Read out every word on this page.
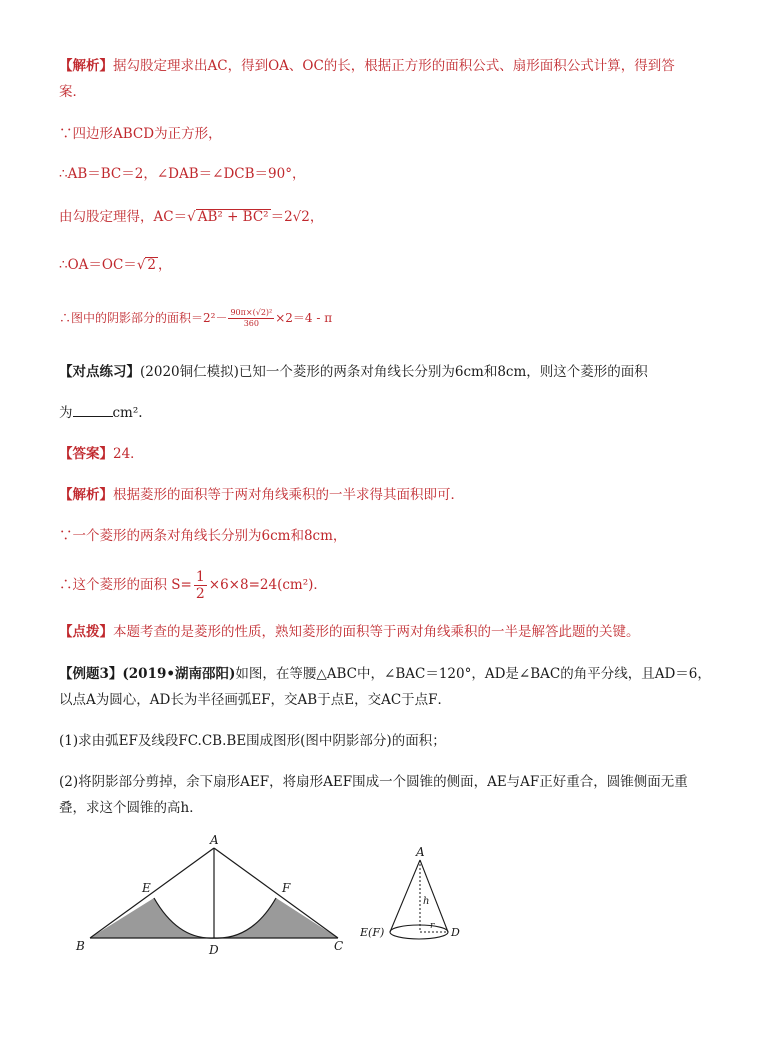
【解析】据勾股定理求出AC，得到OA、OC的长，根据正方形的面积公式、扇形面积公式计算，得到答
案．
∵四边形ABCD为正方形，
∴AB＝BC＝2，∠DAB＝∠DCB＝90°，
由勾股定理得，AC＝√ AB² + BC² ＝2√2，
∴OA＝OC＝√ 2 ，
∴图中的阴影部分的面积$=2^2- \frac{\text{90π×(√2)²}}{360} \times 2=4 - \pi$
【对点练习】(2020铜仁模拟)已知一个菱形的两条对角线长分别为6cm和8cm，则这个菱形的面积
为	cm².
【答案】24．
【解析】根据菱形的面积等于两对角线乘积的一半求得其面积即可．
∵一个菱形的两条对角线长分别为6cm和8cm，
∴这个菱形的面积 $S= \frac{1}{2} \times 6\times 8=24(cm^2)$．
【点拨】本题考查的是菱形的性质，熟知菱形的面积等于两对角线乘积的一半是解答此题的关键。
【例题3】(2019•湖南邵阳)如图，在等腰△ABC中，∠BAC＝120°，AD是∠BAC的角平分线，且AD＝6，
以点A为圆心，AD长为半径画弧EF，交AB于点E，交AC于点F．
(1)求由弧EF及线段FC.CB.BE围成图形(图中阴影部分)的面积；
(2)将阴影部分剪掉，余下扇形AEF，将扇形AEF围成一个圆锥的侧面，AE与AF正好重合，圆锥侧面无重
叠，求这个圆锥的高h．
A
E	F
B	D	C
A
h
r
E(F)	D
